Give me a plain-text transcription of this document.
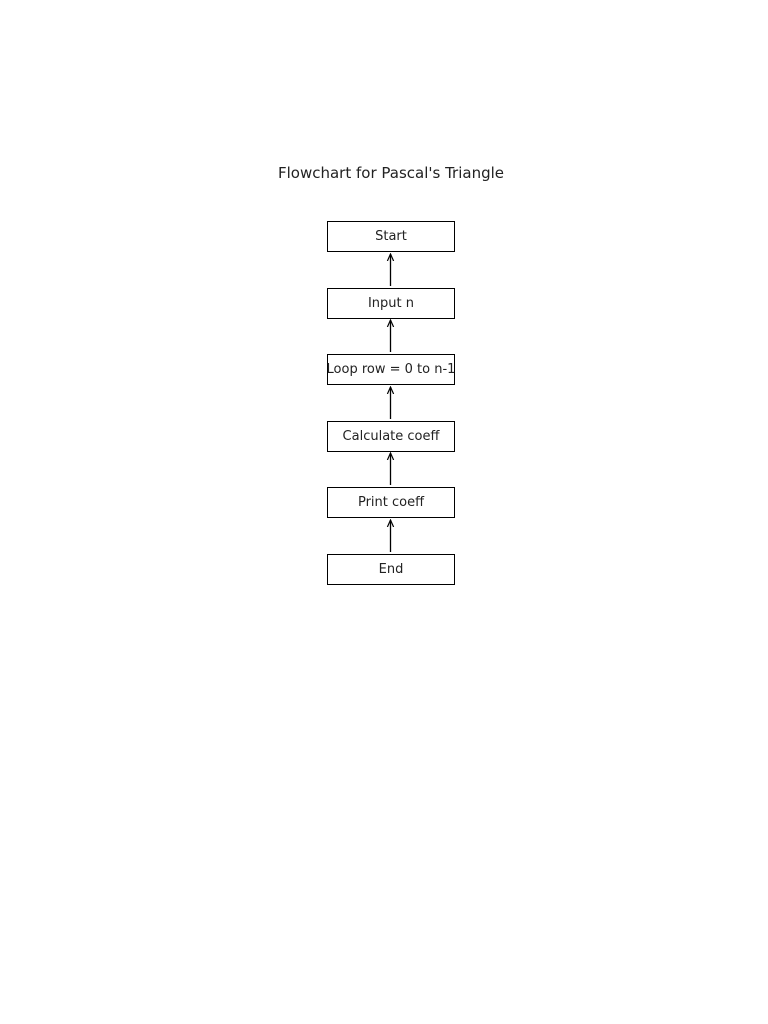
Flowchart for Pascal's Triangle
Start
Input n
Loop row = 0 to n-1
Calculate coeff
Print coeff
End
